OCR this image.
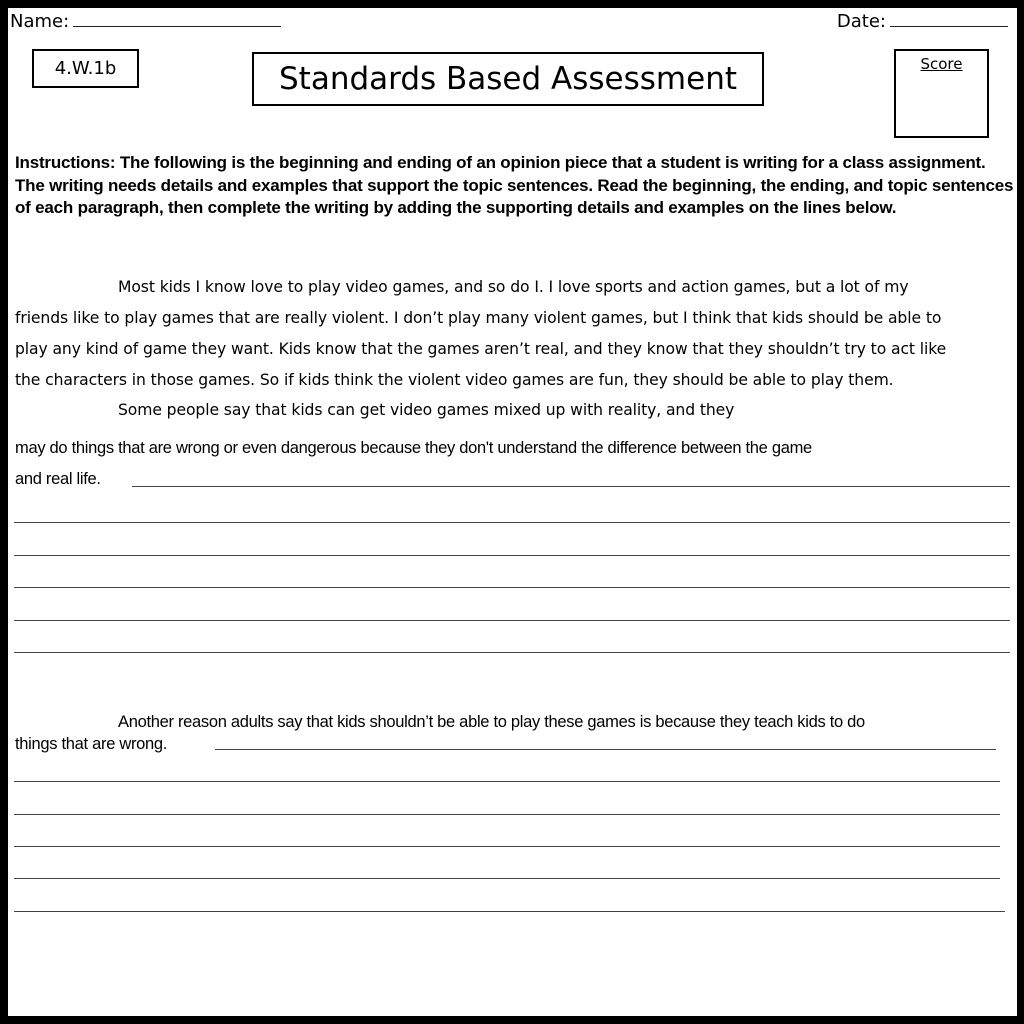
Name:	Date:
4.W.1b	Standards Based Assessment	Score
Instructions: The following is the beginning and ending of an opinion piece that a student is writing for a class assignment. The writing needs details and examples that support the topic sentences. Read the beginning, the ending, and topic sentences of each paragraph, then complete the writing by adding the supporting details and examples on the lines below.
Most kids I know love to play video games, and so do I. I love sports and action games, but a lot of my
friends like to play games that are really violent. I don’t play many violent games, but I think that kids should be able to
play any kind of game they want. Kids know that the games aren’t real, and they know that they shouldn’t try to act like
the characters in those games. So if kids think the violent video games are fun, they should be able to play them.
Some people say that kids can get video games mixed up with reality, and they
may do things that are wrong or even dangerous because they don't understand the difference between the game
and real life.
Another reason adults say that kids shouldn’t be able to play these games is because they teach kids to do
things that are wrong.
